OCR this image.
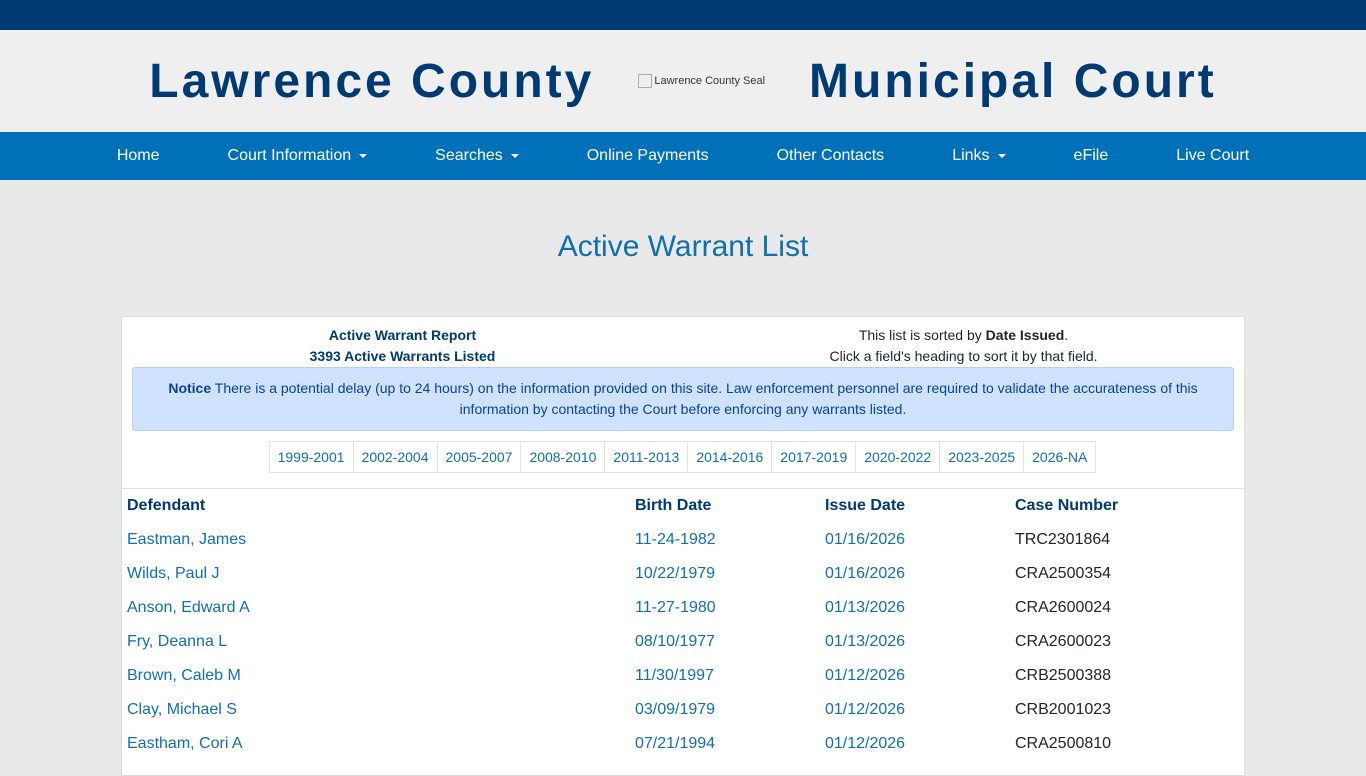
Lawrence County	Lawrence County Seal Municipal Court
Home	Court Information	Searches	Online Payments	Other Contacts	Links	eFile	Live Court
Active Warrant List
Active Warrant Report
3393 Active Warrants Listed
This list is sorted by Date Issued.
Click a field's heading to sort it by that field.
Notice There is a potential delay (up to 24 hours) on the information provided on this site. Law enforcement personnel are required to validate the accurateness of this information by contacting the Court before enforcing any warrants listed.
1999-2001	2002-2004	2005-2007	2008-2010	2011-2013	2014-2016	2017-2019	2020-2022	2023-2025	2026-NA
Defendant	Birth Date	Issue Date	Case Number
Eastman, James	11-24-1982	01/16/2026	TRC2301864
Wilds, Paul J	10/22/1979	01/16/2026	CRA2500354
Anson, Edward A	11-27-1980	01/13/2026	CRA2600024
Fry, Deanna L	08/10/1977	01/13/2026	CRA2600023
Brown, Caleb M	11/30/1997	01/12/2026	CRB2500388
Clay, Michael S	03/09/1979	01/12/2026	CRB2001023
Eastham, Cori A	07/21/1994	01/12/2026	CRA2500810
